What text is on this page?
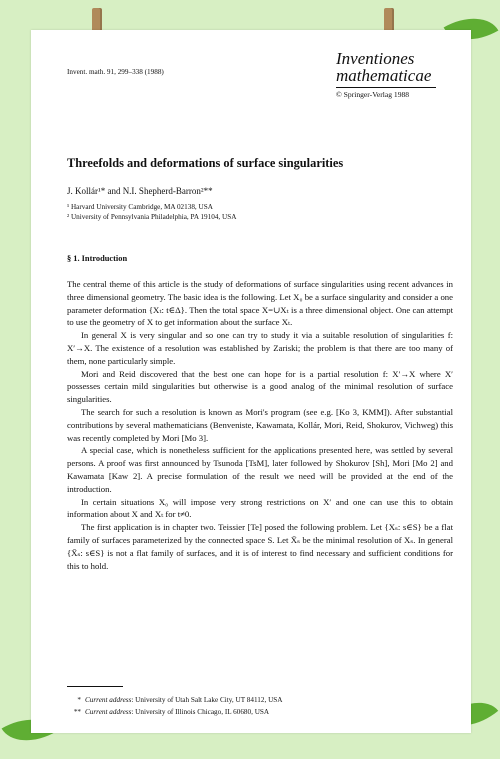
Invent. math. 91, 299–338 (1988)
Inventiones
mathematicae
© Springer-Verlag 1988
Threefolds and deformations of surface singularities
J. Kollár¹* and N.I. Shepherd-Barron²**
¹ Harvard University Cambridge, MA 02138, USA
² University of Pennsylvania Philadelphia, PA 19104, USA
§ 1. Introduction

The central theme of this article is the study of deformations of surface singularities using recent advances in three dimensional geometry. The basic idea is the following. Let X₀ be a surface singularity and consider a one parameter deformation {Xₜ: t∈Δ}. Then the total space X=∪Xₜ is a three dimensional object. One can attempt to use the geometry of X to get information about the surface Xₜ.

In general X is very singular and so one can try to study it via a suitable resolution of singularities f: X′→X. The existence of a resolution was established by Zariski; the problem is that there are too many of them, none particularly simple.

Mori and Reid discovered that the best one can hope for is a partial resolution f: X′→X where X′ possesses certain mild singularities but otherwise is a good analog of the minimal resolution of surface singularities.

The search for such a resolution is known as Mori's program (see e.g. [Ko 3, KMM]). After substantial contributions by several mathematicians (Benveniste, Kawamata, Kollár, Mori, Reid, Shokurov, Vichweg) this was recently completed by Mori [Mo 3].

A special case, which is nonetheless sufficient for the applications presented here, was settled by several persons. A proof was first announced by Tsunoda [TsM], later followed by Shokurov [Sh], Mori [Mo 2] and Kawamata [Kaw 2]. A precise formulation of the result we need will be provided at the end of the introduction.

In certain situations X₀ will impose very strong restrictions on X′ and one can use this to obtain information about X and Xₜ for t≠0.

The first application is in chapter two. Teissier [Te] posed the following problem. Let {Xₛ: s∈S} be a flat family of surfaces parameterized by the connected space S. Let X̄ₛ be the minimal resolution of Xₛ. In general {X̄ₛ: s∈S} is not a flat family of surfaces, and it is of interest to find necessary and sufficient conditions for this to hold.

* Current address: University of Utah Salt Lake City, UT 84112, USA
** Current address: University of Illinois Chicago, IL 60680, USA
